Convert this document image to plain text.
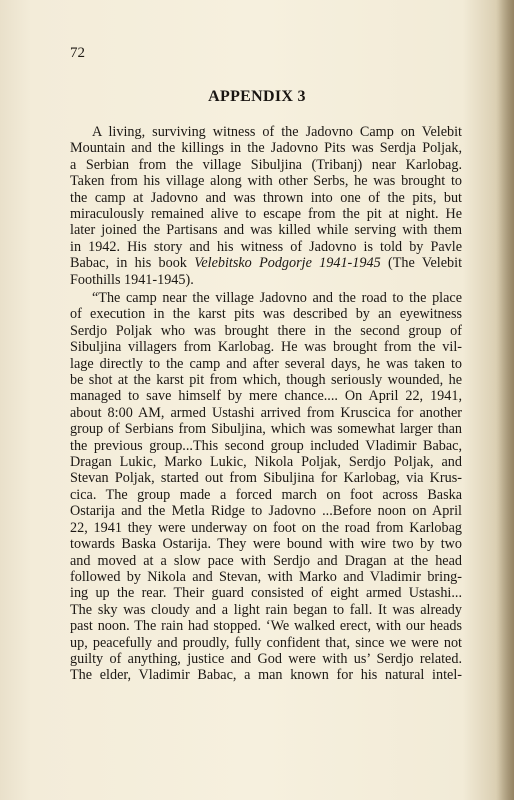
72
APPENDIX 3
A living, surviving witness of the Jadovno Camp on Velebit
Mountain and the killings in the Jadovno Pits was Serdja Poljak,
a Serbian from the village Sibuljina (Tribanj) near Karlobag.
Taken from his village along with other Serbs, he was brought to
the camp at Jadovno and was thrown into one of the pits, but
miraculously remained alive to escape from the pit at night. He
later joined the Partisans and was killed while serving with them
in 1942. His story and his witness of Jadovno is told by Pavle
Babac, in his book Velebitsko Podgorje 1941-1945 (The Velebit
Foothills 1941-1945).
“The camp near the village Jadovno and the road to the place
of execution in the karst pits was described by an eyewitness
Serdjo Poljak who was brought there in the second group of
Sibuljina villagers from Karlobag. He was brought from the vil-
lage directly to the camp and after several days, he was taken to
be shot at the karst pit from which, though seriously wounded, he
managed to save himself by mere chance.... On April 22, 1941,
about 8:00 AM, armed Ustashi arrived from Kruscica for another
group of Serbians from Sibuljina, which was somewhat larger than
the previous group...This second group included Vladimir Babac,
Dragan Lukic, Marko Lukic, Nikola Poljak, Serdjo Poljak, and
Stevan Poljak, started out from Sibuljina for Karlobag, via Krus-
cica. The group made a forced march on foot across Baska
Ostarija and the Metla Ridge to Jadovno ...Before noon on April
22, 1941 they were underway on foot on the road from Karlobag
towards Baska Ostarija. They were bound with wire two by two
and moved at a slow pace with Serdjo and Dragan at the head
followed by Nikola and Stevan, with Marko and Vladimir bring-
ing up the rear. Their guard consisted of eight armed Ustashi...
The sky was cloudy and a light rain began to fall. It was already
past noon. The rain had stopped. ‘We walked erect, with our heads
up, peacefully and proudly, fully confident that, since we were not
guilty of anything, justice and God were with us’ Serdjo related.
The elder, Vladimir Babac, a man known for his natural intel-
